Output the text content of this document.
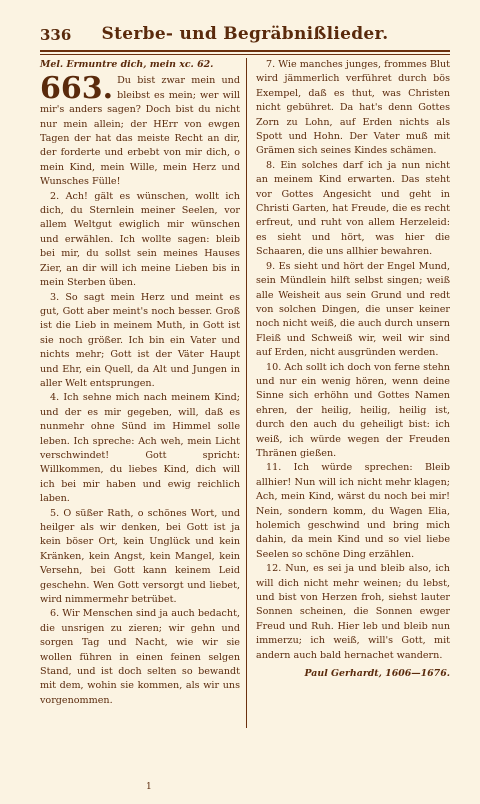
336	Sterbe- und Begräbnißlieder.
Mel. Ermuntre dich, mein xc. 62.

663. Du bist zwar mein und bleibst es mein; wer will mir's anders sagen? Doch bist du nicht nur mein allein; der HErr von ewgen Tagen der hat das meiste Recht an dir, der forderte und erbebt von mir dich, o mein Kind, mein Wille, mein Herz und Wunsches Fülle!

2. Ach! gält es wünschen, wollt ich dich, du Sternlein meiner Seelen, vor allem Weltgut ewiglich mir wünschen und erwählen. Ich wollte sagen: bleib bei mir, du sollst sein meines Hauses Zier, an dir will ich meine Lieben bis in mein Sterben üben.

3. So sagt mein Herz und meint es gut, Gott aber meint's noch besser. Groß ist die Lieb in meinem Muth, in Gott ist sie noch größer. Ich bin ein Vater und nichts mehr; Gott ist der Väter Haupt und Ehr, ein Quell, da Alt und Jungen in aller Welt entsprungen.

4. Ich sehne mich nach meinem Kind; und der es mir gegeben, will, daß es nunmehr ohne Sünd im Himmel solle leben. Ich spreche: Ach weh, mein Licht verschwindet! Gott spricht: Willkommen, du liebes Kind, dich will ich bei mir haben und ewig reichlich laben.

5. O süßer Rath, o schönes Wort, und heilger als wir denken, bei Gott ist ja kein böser Ort, kein Unglück und kein Kränken, kein Angst, kein Mangel, kein Versehn, bei Gott kann keinem Leid geschehn. Wen Gott versorgt und liebet, wird nimmermehr betrübet.

6. Wir Menschen sind ja auch bedacht, die unsrigen zu zieren; wir gehn und sorgen Tag und Nacht, wie wir sie wollen führen in einen feinen selgen Stand, und ist doch selten so bewandt mit dem, wohin sie kommen, als wir uns vorgenommen.

7. Wie manches junges, frommes Blut wird jämmerlich verführet durch bös Exempel, daß es thut, was Christen nicht gebühret. Da hat's denn Gottes Zorn zu Lohn, auf Erden nichts als Spott und Hohn. Der Vater muß mit Grämen sich seines Kindes schämen.

8. Ein solches darf ich ja nun nicht an meinem Kind erwarten. Das steht vor Gottes Angesicht und geht in Christi Garten, hat Freude, die es recht erfreut, und ruht von allem Herzeleid: es sieht und hört, was hier die Schaaren, die uns allhier bewahren.

9. Es sieht und hört der Engel Mund, sein Mündlein hilft selbst singen; weiß alle Weisheit aus sein Grund und redt von solchen Dingen, die unser keiner noch nicht weiß, die auch durch unsern Fleiß und Schweiß wir, weil wir sind auf Erden, nicht ausgründen werden.

10. Ach sollt ich doch von ferne stehn und nur ein wenig hören, wenn deine Sinne sich erhöhn und Gottes Namen ehren, der heilig, heilig, heilig ist, durch den auch du geheiligt bist: ich weiß, ich würde wegen der Freuden Thränen gießen.

11. Ich würde sprechen: Bleib allhier! Nun will ich nicht mehr klagen; Ach, mein Kind, wärst du noch bei mir! Nein, sondern komm, du Wagen Elia, holemich geschwind und bring mich dahin, da mein Kind und so viel liebe Seelen so schöne Ding erzählen.

12. Nun, es sei ja und bleib also, ich will dich nicht mehr weinen; du lebst, und bist von Herzen froh, siehst lauter Sonnen scheinen, die Sonnen ewger Freud und Ruh. Hier leb und bleib nun immerzu; ich weiß, will's Gott, mit andern auch bald hernachet wandern.

Paul Gerhardt, 1606—1676.
1
